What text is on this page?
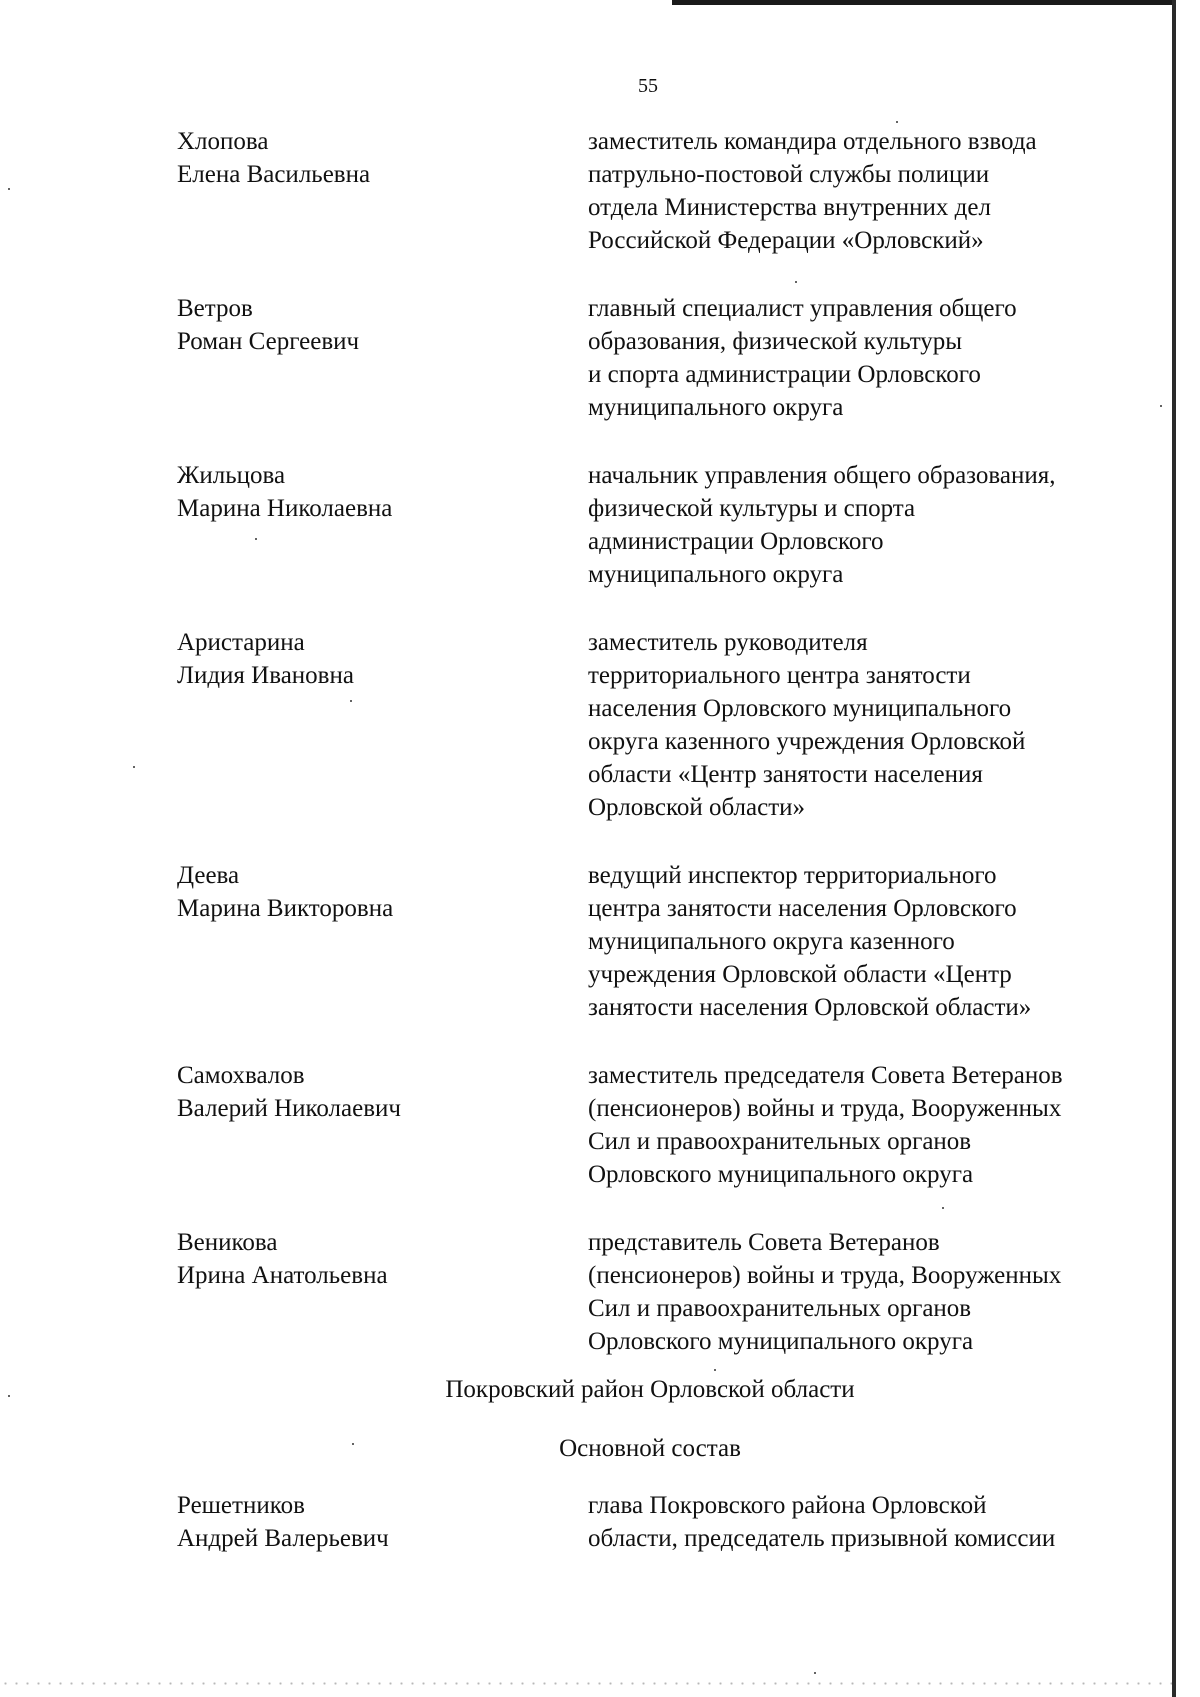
55
Хлопова
Елена Васильевна
заместитель командира отдельного взвода
патрульно-постовой службы полиции
отдела Министерства внутренних дел
Российской Федерации «Орловский»
Ветров
Роман Сергеевич
главный специалист управления общего
образования, физической культуры
и спорта администрации Орловского
муниципального округа
Жильцова
Марина Николаевна
начальник управления общего образования,
физической культуры и спорта
администрации Орловского
муниципального округа
Аристарина
Лидия Ивановна
заместитель руководителя
территориального центра занятости
населения Орловского муниципального
округа казенного учреждения Орловской
области «Центр занятости населения
Орловской области»
Деева
Марина Викторовна
ведущий инспектор территориального
центра занятости населения Орловского
муниципального округа казенного
учреждения Орловской области «Центр
занятости населения Орловской области»
Самохвалов
Валерий Николаевич
заместитель председателя Совета Ветеранов
(пенсионеров) войны и труда, Вооруженных
Сил и правоохранительных органов
Орловского муниципального округа
Веникова
Ирина Анатольевна
представитель Совета Ветеранов
(пенсионеров) войны и труда, Вооруженных
Сил и правоохранительных органов
Орловского муниципального округа
Покровский район Орловской области
Основной состав
Решетников
Андрей Валерьевич
глава Покровского района Орловской
области, председатель призывной комиссии
